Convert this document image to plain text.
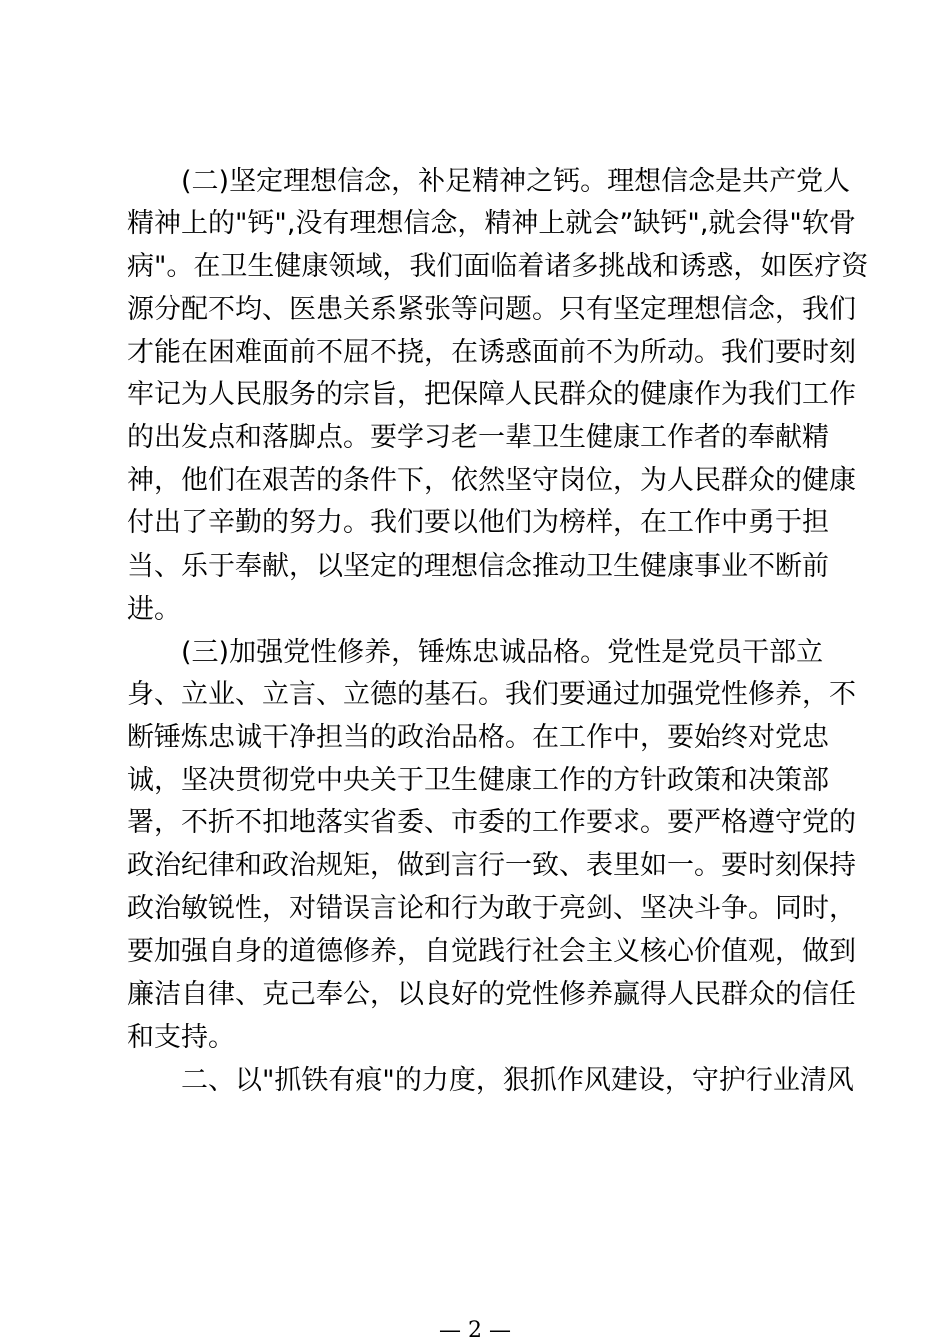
(二)坚定理想信念，补足精神之钙。理想信念是共产党人
精神上的"钙",没有理想信念，精神上就会”缺钙",就会得"软骨
病"。在卫生健康领域，我们面临着诸多挑战和诱惑，如医疗资
源分配不均、医患关系紧张等问题。只有坚定理想信念，我们
才能在困难面前不屈不挠，在诱惑面前不为所动。我们要时刻
牢记为人民服务的宗旨，把保障人民群众的健康作为我们工作
的出发点和落脚点。要学习老一辈卫生健康工作者的奉献精
神，他们在艰苦的条件下，依然坚守岗位，为人民群众的健康
付出了辛勤的努力。我们要以他们为榜样，在工作中勇于担
当、乐于奉献，以坚定的理想信念推动卫生健康事业不断前
进。
(三)加强党性修养，锤炼忠诚品格。党性是党员干部立
身、立业、立言、立德的基石。我们要通过加强党性修养，不
断锤炼忠诚干净担当的政治品格。在工作中，要始终对党忠
诚，坚决贯彻党中央关于卫生健康工作的方针政策和决策部
署，不折不扣地落实省委、市委的工作要求。要严格遵守党的
政治纪律和政治规矩，做到言行一致、表里如一。要时刻保持
政治敏锐性，对错误言论和行为敢于亮剑、坚决斗争。同时，
要加强自身的道德修养，自觉践行社会主义核心价值观，做到
廉洁自律、克己奉公，以良好的党性修养赢得人民群众的信任
和支持。
二、以"抓铁有痕"的力度，狠抓作风建设，守护行业清风
— 2 —
